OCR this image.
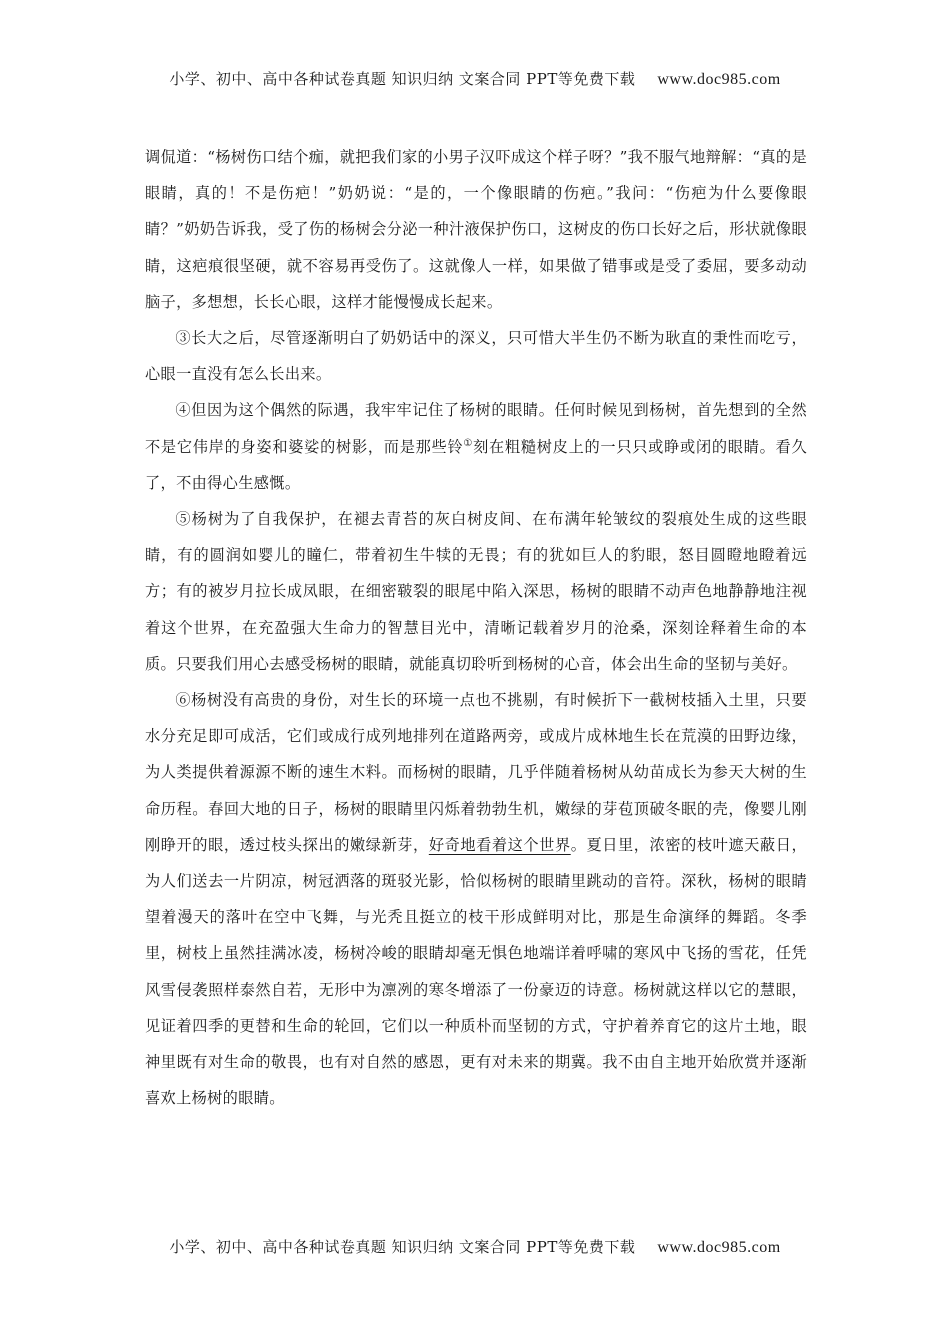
小学、初中、高中各种试卷真题 知识归纳 文案合同 PPT等免费下载 www.doc985.com

调侃道：“杨树伤口结个痂，就把我们家的小男子汉吓成这个样子呀？”我不服气地辩解：“真的是眼睛，真的！不是伤疤！”奶奶说：“是的，一个像眼睛的伤疤。”我问：“伤疤为什么要像眼睛？”奶奶告诉我，受了伤的杨树会分泌一种汁液保护伤口，这树皮的伤口长好之后，形状就像眼睛，这疤痕很坚硬，就不容易再受伤了。这就像人一样，如果做了错事或是受了委屈，要多动动脑子，多想想，长长心眼，这样才能慢慢成长起来。

③长大之后，尽管逐渐明白了奶奶话中的深义，只可惜大半生仍不断为耿直的秉性而吃亏，心眼一直没有怎么长出来。

④但因为这个偶然的际遇，我牢牢记住了杨树的眼睛。任何时候见到杨树，首先想到的全然不是它伟岸的身姿和婆娑的树影，而是那些铃①刻在粗糙树皮上的一只只或睁或闭的眼睛。看久了，不由得心生感慨。

⑤杨树为了自我保护，在褪去青苔的灰白树皮间、在布满年轮皱纹的裂痕处生成的这些眼睛，有的圆润如婴儿的瞳仁，带着初生牛犊的无畏；有的犹如巨人的豹眼，怒目圆瞪地瞪着远方；有的被岁月拉长成凤眼，在细密皲裂的眼尾中陷入深思，杨树的眼睛不动声色地静静地注视着这个世界，在充盈强大生命力的智慧目光中，清晰记载着岁月的沧桑，深刻诠释着生命的本质。只要我们用心去感受杨树的眼睛，就能真切聆听到杨树的心音，体会出生命的坚韧与美好。

⑥杨树没有高贵的身份，对生长的环境一点也不挑剔，有时候折下一截树枝插入土里，只要水分充足即可成活，它们或成行成列地排列在道路两旁，或成片成林地生长在荒漠的田野边缘，为人类提供着源源不断的速生木料。而杨树的眼睛，几乎伴随着杨树从幼苗成长为参天大树的生命历程。春回大地的日子，杨树的眼睛里闪烁着勃勃生机，嫩绿的芽苞顶破冬眠的壳，像婴儿刚刚睁开的眼，透过枝头探出的嫩绿新芽，好奇地看着这个世界。夏日里，浓密的枝叶遮天蔽日，为人们送去一片阴凉，树冠洒落的斑驳光影，恰似杨树的眼睛里跳动的音符。深秋，杨树的眼睛望着漫天的落叶在空中飞舞，与光秃且挺立的枝干形成鲜明对比，那是生命演绎的舞蹈。冬季里，树枝上虽然挂满冰凌，杨树冷峻的眼睛却毫无惧色地端详着呼啸的寒风中飞扬的雪花，任凭风雪侵袭照样泰然自若，无形中为凛冽的寒冬增添了一份豪迈的诗意。杨树就这样以它的慧眼，见证着四季的更替和生命的轮回，它们以一种质朴而坚韧的方式，守护着养育它的这片土地，眼神里既有对生命的敬畏，也有对自然的感恩，更有对未来的期冀。我不由自主地开始欣赏并逐渐喜欢上杨树的眼睛。

小学、初中、高中各种试卷真题 知识归纳 文案合同 PPT等免费下载 www.doc985.com
